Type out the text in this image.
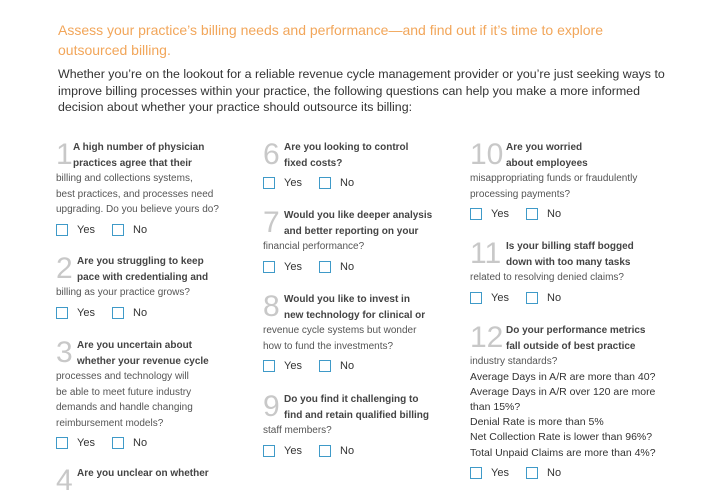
Assess your practice’s billing needs and performance—and find out if it’s time to explore outsourced billing.
Whether you’re on the lookout for a reliable revenue cycle management provider or you’re just seeking ways to improve billing processes within your practice, the following questions can help you make a more informed decision about whether your practice should outsource its billing:
1 A high number of physician
practices agree that their
billing and collections systems,
best practices, and processes need
upgrading. Do you believe yours do?
Yes	No
2 Are you struggling to keep
pace with credentialing and
billing as your practice grows?
Yes	No
3 Are you uncertain about
whether your revenue cycle
processes and technology will
be able to meet future industry
demands and handle changing
reimbursement models?
Yes	No
4 Are you unclear on whether
6 Are you looking to control
fixed costs?
Yes	No
7 Would you like deeper analysis
and better reporting on your
financial performance?
Yes	No
8 Would you like to invest in
new technology for clinical or
revenue cycle systems but wonder
how to fund the investments?
Yes	No
9 Do you find it challenging to
find and retain qualified billing
staff members?
Yes	No
10 Are you worried
about employees
misappropriating funds or fraudulently
processing payments?
Yes	No
11 Is your billing staff bogged
down with too many tasks
related to resolving denied claims?
Yes	No
12 Do your performance metrics
fall outside of best practice
industry standards?
Average Days in A/R are more than 40?
Average Days in A/R over 120 are more
than 15%?
Denial Rate is more than 5%
Net Collection Rate is lower than 96%?
Total Unpaid Claims are more than 4%?
Yes	No
